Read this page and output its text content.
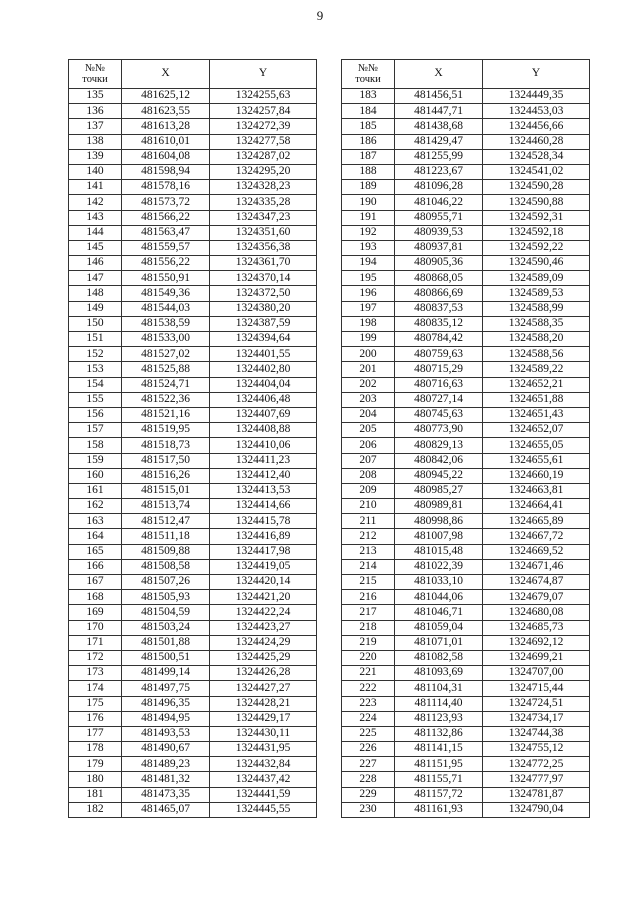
9
№№
точки	X	Y
135	481625,12	1324255,63
136	481623,55	1324257,84
137	481613,28	1324272,39
138	481610,01	1324277,58
139	481604,08	1324287,02
140	481598,94	1324295,20
141	481578,16	1324328,23
142	481573,72	1324335,28
143	481566,22	1324347,23
144	481563,47	1324351,60
145	481559,57	1324356,38
146	481556,22	1324361,70
147	481550,91	1324370,14
148	481549,36	1324372,50
149	481544,03	1324380,20
150	481538,59	1324387,59
151	481533,00	1324394,64
152	481527,02	1324401,55
153	481525,88	1324402,80
154	481524,71	1324404,04
155	481522,36	1324406,48
156	481521,16	1324407,69
157	481519,95	1324408,88
158	481518,73	1324410,06
159	481517,50	1324411,23
160	481516,26	1324412,40
161	481515,01	1324413,53
162	481513,74	1324414,66
163	481512,47	1324415,78
164	481511,18	1324416,89
165	481509,88	1324417,98
166	481508,58	1324419,05
167	481507,26	1324420,14
168	481505,93	1324421,20
169	481504,59	1324422,24
170	481503,24	1324423,27
171	481501,88	1324424,29
172	481500,51	1324425,29
173	481499,14	1324426,28
174	481497,75	1324427,27
175	481496,35	1324428,21
176	481494,95	1324429,17
177	481493,53	1324430,11
178	481490,67	1324431,95
179	481489,23	1324432,84
180	481481,32	1324437,42
181	481473,35	1324441,59
182	481465,07	1324445,55
№№
точки	X	Y
183	481456,51	1324449,35
184	481447,71	1324453,03
185	481438,68	1324456,66
186	481429,47	1324460,28
187	481255,99	1324528,34
188	481223,67	1324541,02
189	481096,28	1324590,28
190	481046,22	1324590,88
191	480955,71	1324592,31
192	480939,53	1324592,18
193	480937,81	1324592,22
194	480905,36	1324590,46
195	480868,05	1324589,09
196	480866,69	1324589,53
197	480837,53	1324588,99
198	480835,12	1324588,35
199	480784,42	1324588,20
200	480759,63	1324588,56
201	480715,29	1324589,22
202	480716,63	1324652,21
203	480727,14	1324651,88
204	480745,63	1324651,43
205	480773,90	1324652,07
206	480829,13	1324655,05
207	480842,06	1324655,61
208	480945,22	1324660,19
209	480985,27	1324663,81
210	480989,81	1324664,41
211	480998,86	1324665,89
212	481007,98	1324667,72
213	481015,48	1324669,52
214	481022,39	1324671,46
215	481033,10	1324674,87
216	481044,06	1324679,07
217	481046,71	1324680,08
218	481059,04	1324685,73
219	481071,01	1324692,12
220	481082,58	1324699,21
221	481093,69	1324707,00
222	481104,31	1324715,44
223	481114,40	1324724,51
224	481123,93	1324734,17
225	481132,86	1324744,38
226	481141,15	1324755,12
227	481151,95	1324772,25
228	481155,71	1324777,97
229	481157,72	1324781,87
230	481161,93	1324790,04
